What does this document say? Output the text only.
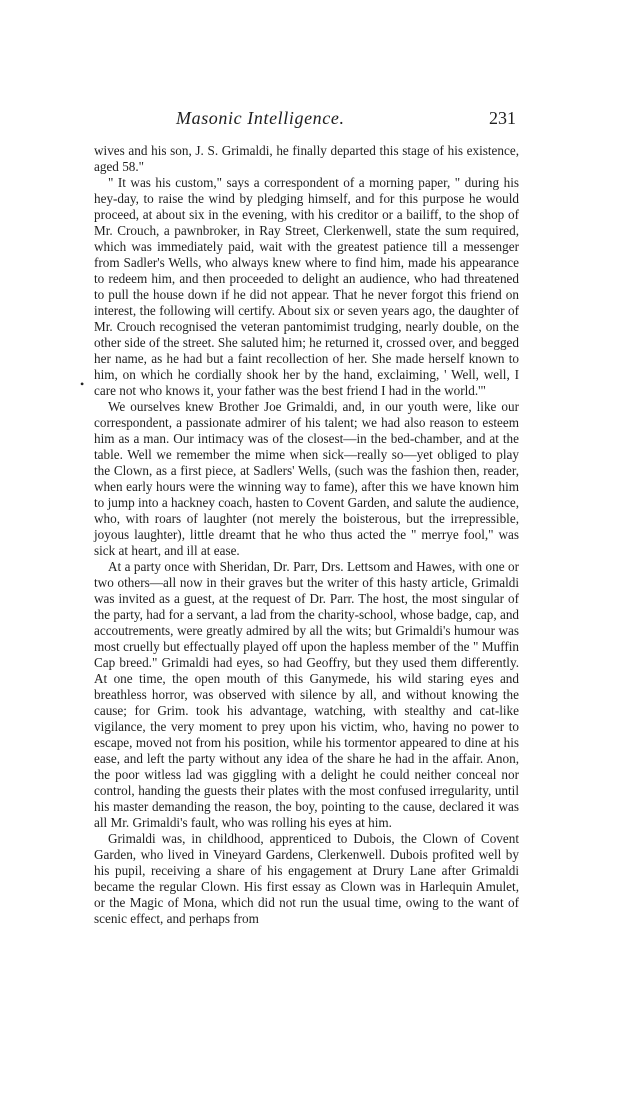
Masonic Intelligence.	231
•

wives and his son, J. S. Grimaldi, he finally departed this stage of his existence, aged 58."

" It was his custom," says a correspondent of a morning paper, " during his hey-day, to raise the wind by pledging himself, and for this purpose he would proceed, at about six in the evening, with his creditor or a bailiff, to the shop of Mr. Crouch, a pawnbroker, in Ray Street, Clerkenwell, state the sum required, which was immediately paid, wait with the greatest patience till a messenger from Sadler's Wells, who always knew where to find him, made his appearance to redeem him, and then proceeded to delight an audience, who had threatened to pull the house down if he did not appear. That he never forgot this friend on interest, the following will certify. About six or seven years ago, the daughter of Mr. Crouch recognised the veteran pantomimist trudging, nearly double, on the other side of the street. She saluted him; he returned it, crossed over, and begged her name, as he had but a faint recollection of her. She made herself known to him, on which he cordially shook her by the hand, exclaiming, ' Well, well, I care not who knows it, your father was the best friend I had in the world.'"

We ourselves knew Brother Joe Grimaldi, and, in our youth were, like our correspondent, a passionate admirer of his talent; we had also reason to esteem him as a man. Our intimacy was of the closest—in the bed-chamber, and at the table. Well we remember the mime when sick—really so—yet obliged to play the Clown, as a first piece, at Sadlers' Wells, (such was the fashion then, reader, when early hours were the winning way to fame), after this we have known him to jump into a hackney coach, hasten to Covent Garden, and salute the audience, who, with roars of laughter (not merely the boisterous, but the irrepressible, joyous laughter), little dreamt that he who thus acted the " merrye fool," was sick at heart, and ill at ease.

At a party once with Sheridan, Dr. Parr, Drs. Lettsom and Hawes, with one or two others—all now in their graves but the writer of this hasty article, Grimaldi was invited as a guest, at the request of Dr. Parr. The host, the most singular of the party, had for a servant, a lad from the charity-school, whose badge, cap, and accoutrements, were greatly admired by all the wits; but Grimaldi's humour was most cruelly but effectually played off upon the hapless member of the " Muffin Cap breed." Grimaldi had eyes, so had Geoffry, but they used them differently. At one time, the open mouth of this Ganymede, his wild staring eyes and breathless horror, was observed with silence by all, and without knowing the cause; for Grim. took his advantage, watching, with stealthy and cat-like vigilance, the very moment to prey upon his victim, who, having no power to escape, moved not from his position, while his tormentor appeared to dine at his ease, and left the party without any idea of the share he had in the affair. Anon, the poor witless lad was giggling with a delight he could neither conceal nor control, handing the guests their plates with the most confused irregularity, until his master demanding the reason, the boy, pointing to the cause, declared it was all Mr. Grimaldi's fault, who was rolling his eyes at him.

Grimaldi was, in childhood, apprenticed to Dubois, the Clown of Covent Garden, who lived in Vineyard Gardens, Clerkenwell. Dubois profited well by his pupil, receiving a share of his engagement at Drury Lane after Grimaldi became the regular Clown. His first essay as Clown was in Harlequin Amulet, or the Magic of Mona, which did not run the usual time, owing to the want of scenic effect, and perhaps from
